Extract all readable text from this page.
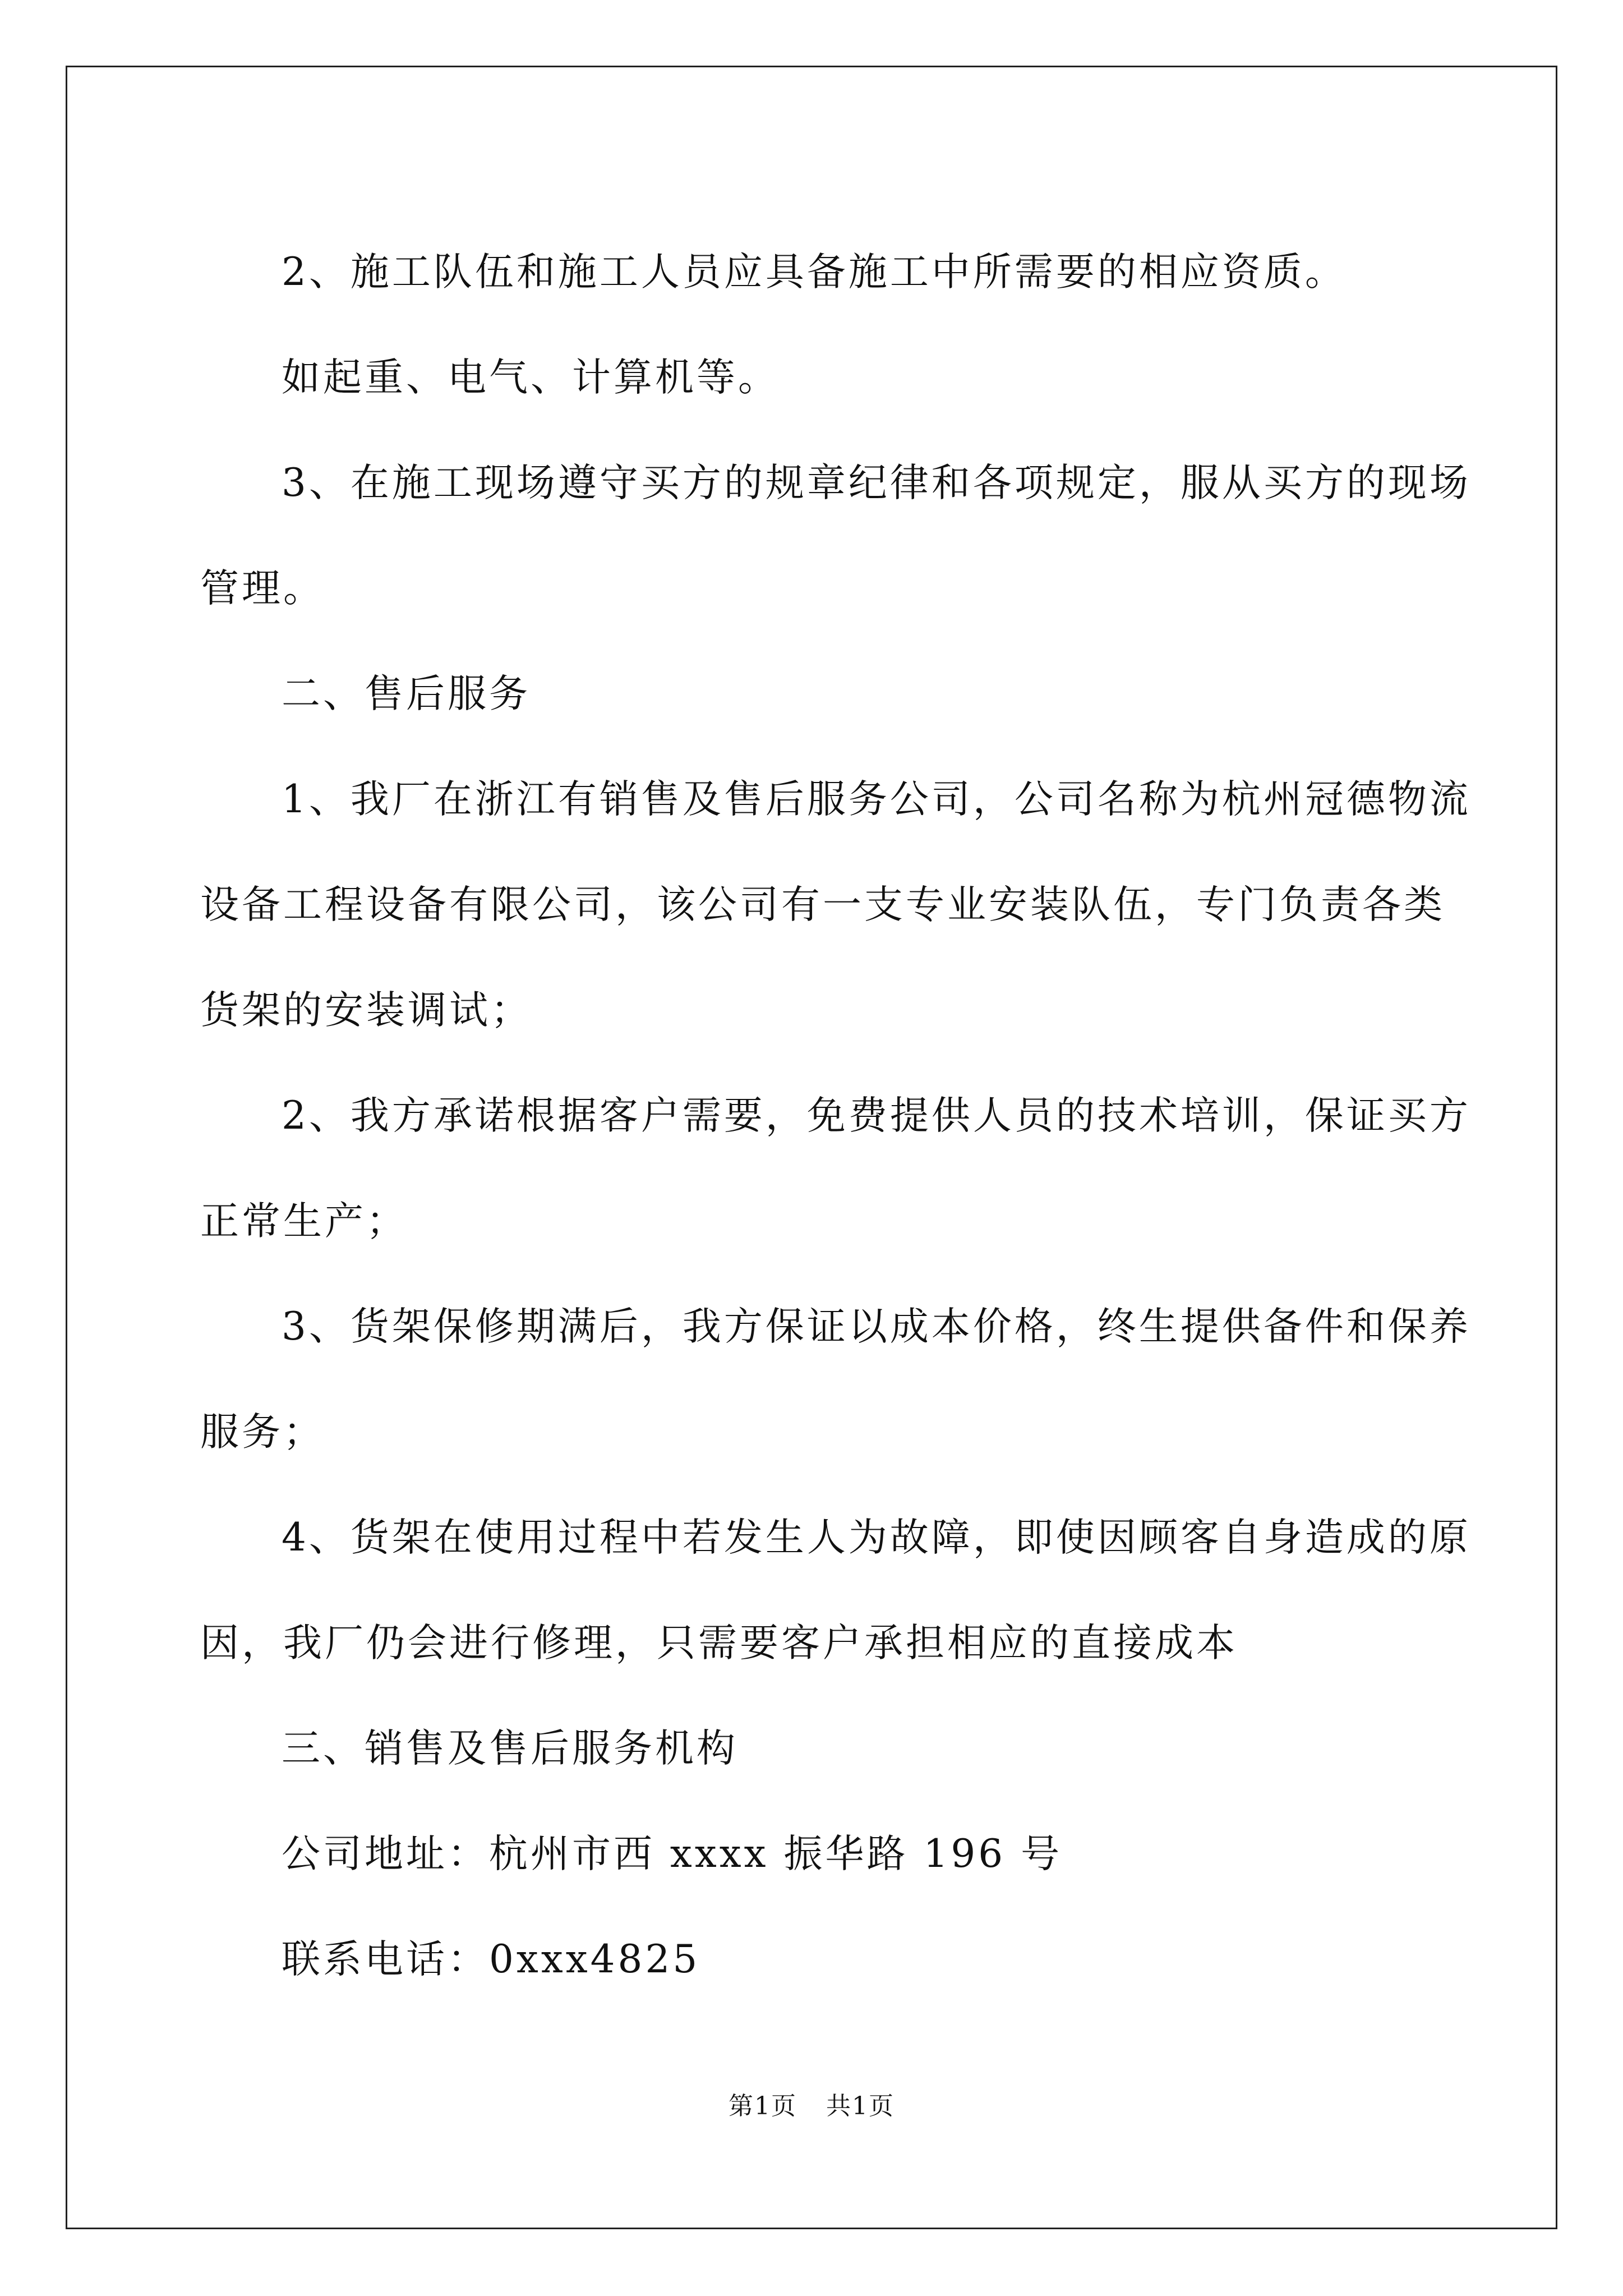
2、施工队伍和施工人员应具备施工中所需要的相应资质。
如起重、电气、计算机等。
3、在施工现场遵守买方的规章纪律和各项规定，服从买方的现场
管理。
二、售后服务
1、我厂在浙江有销售及售后服务公司，公司名称为杭州冠德物流
设备工程设备有限公司，该公司有一支专业安装队伍，专门负责各类
货架的安装调试；
2、我方承诺根据客户需要，免费提供人员的技术培训，保证买方
正常生产；
3、货架保修期满后，我方保证以成本价格，终生提供备件和保养
服务；
4、货架在使用过程中若发生人为故障，即使因顾客自身造成的原
因，我厂仍会进行修理，只需要客户承担相应的直接成本
三、销售及售后服务机构
公司地址：杭州市西 xxxx 振华路 196 号
联系电话：0xxx4825
第1页 共1页
